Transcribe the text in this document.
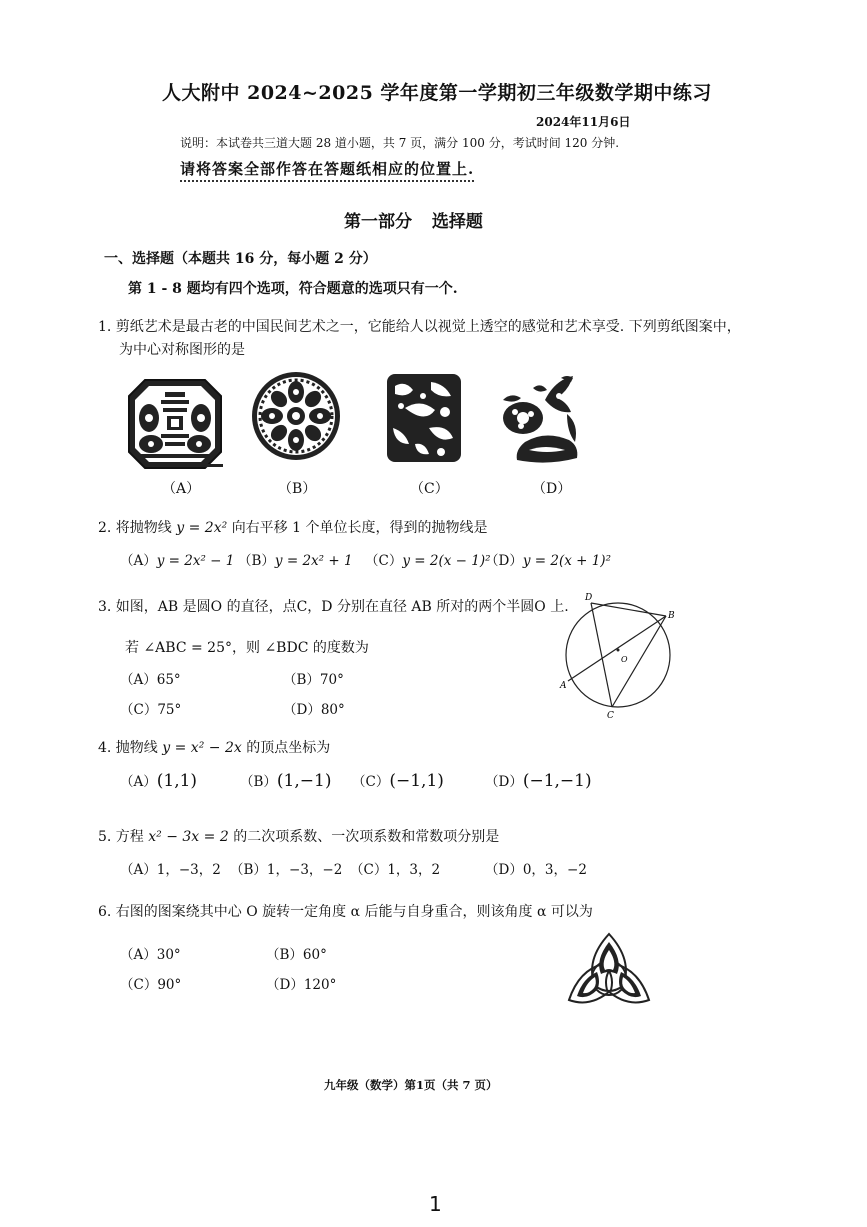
人大附中 2024~2025 学年度第一学期初三年级数学期中练习
2024年11月6日
说明：本试卷共三道大题 28 道小题，共 7 页，满分 100 分，考试时间 120 分钟.
请将答案全部作答在答题纸相应的位置上.
第一部分 选择题
一、选择题（本题共 16 分，每小题 2 分）
第 1 - 8 题均有四个选项，符合题意的选项只有一个.
1. 剪纸艺术是最古老的中国民间艺术之一，它能给人以视觉上透空的感觉和艺术享受. 下列剪纸图案中，
为中心对称图形的是
（A）	（B）	（C）	（D）
2. 将抛物线 y = 2x² 向右平移 1 个单位长度，得到的抛物线是
（A）y = 2x² − 1 （B）y = 2x² + 1 （C）y = 2(x − 1)²
（D）y = 2(x + 1)²
3. 如图，AB 是圆O 的直径，点C，D 分别在直径 AB 所对的两个半圆O 上.
若 ∠ABC = 25°，则 ∠BDC 的度数为
（A）65°	（B）70°
（C）75°	（D）80°
D
B
O
A
C
4. 抛物线 y = x² − 2x 的顶点坐标为
（A）(1,1)	（B）(1,−1) （C）(−1,1)	（D）(−1,−1)
5. 方程 x² − 3x = 2 的二次项系数、一次项系数和常数项分别是
（A）1，−3，2 （B）1，−3，−2 （C）1，3，2	（D）0，3，−2
6. 右图的图案绕其中心 O 旋转一定角度 α 后能与自身重合，则该角度 α 可以为
（A）30°	（B）60°
（C）90°	（D）120°
九年级（数学）第1页（共 7 页）
1
